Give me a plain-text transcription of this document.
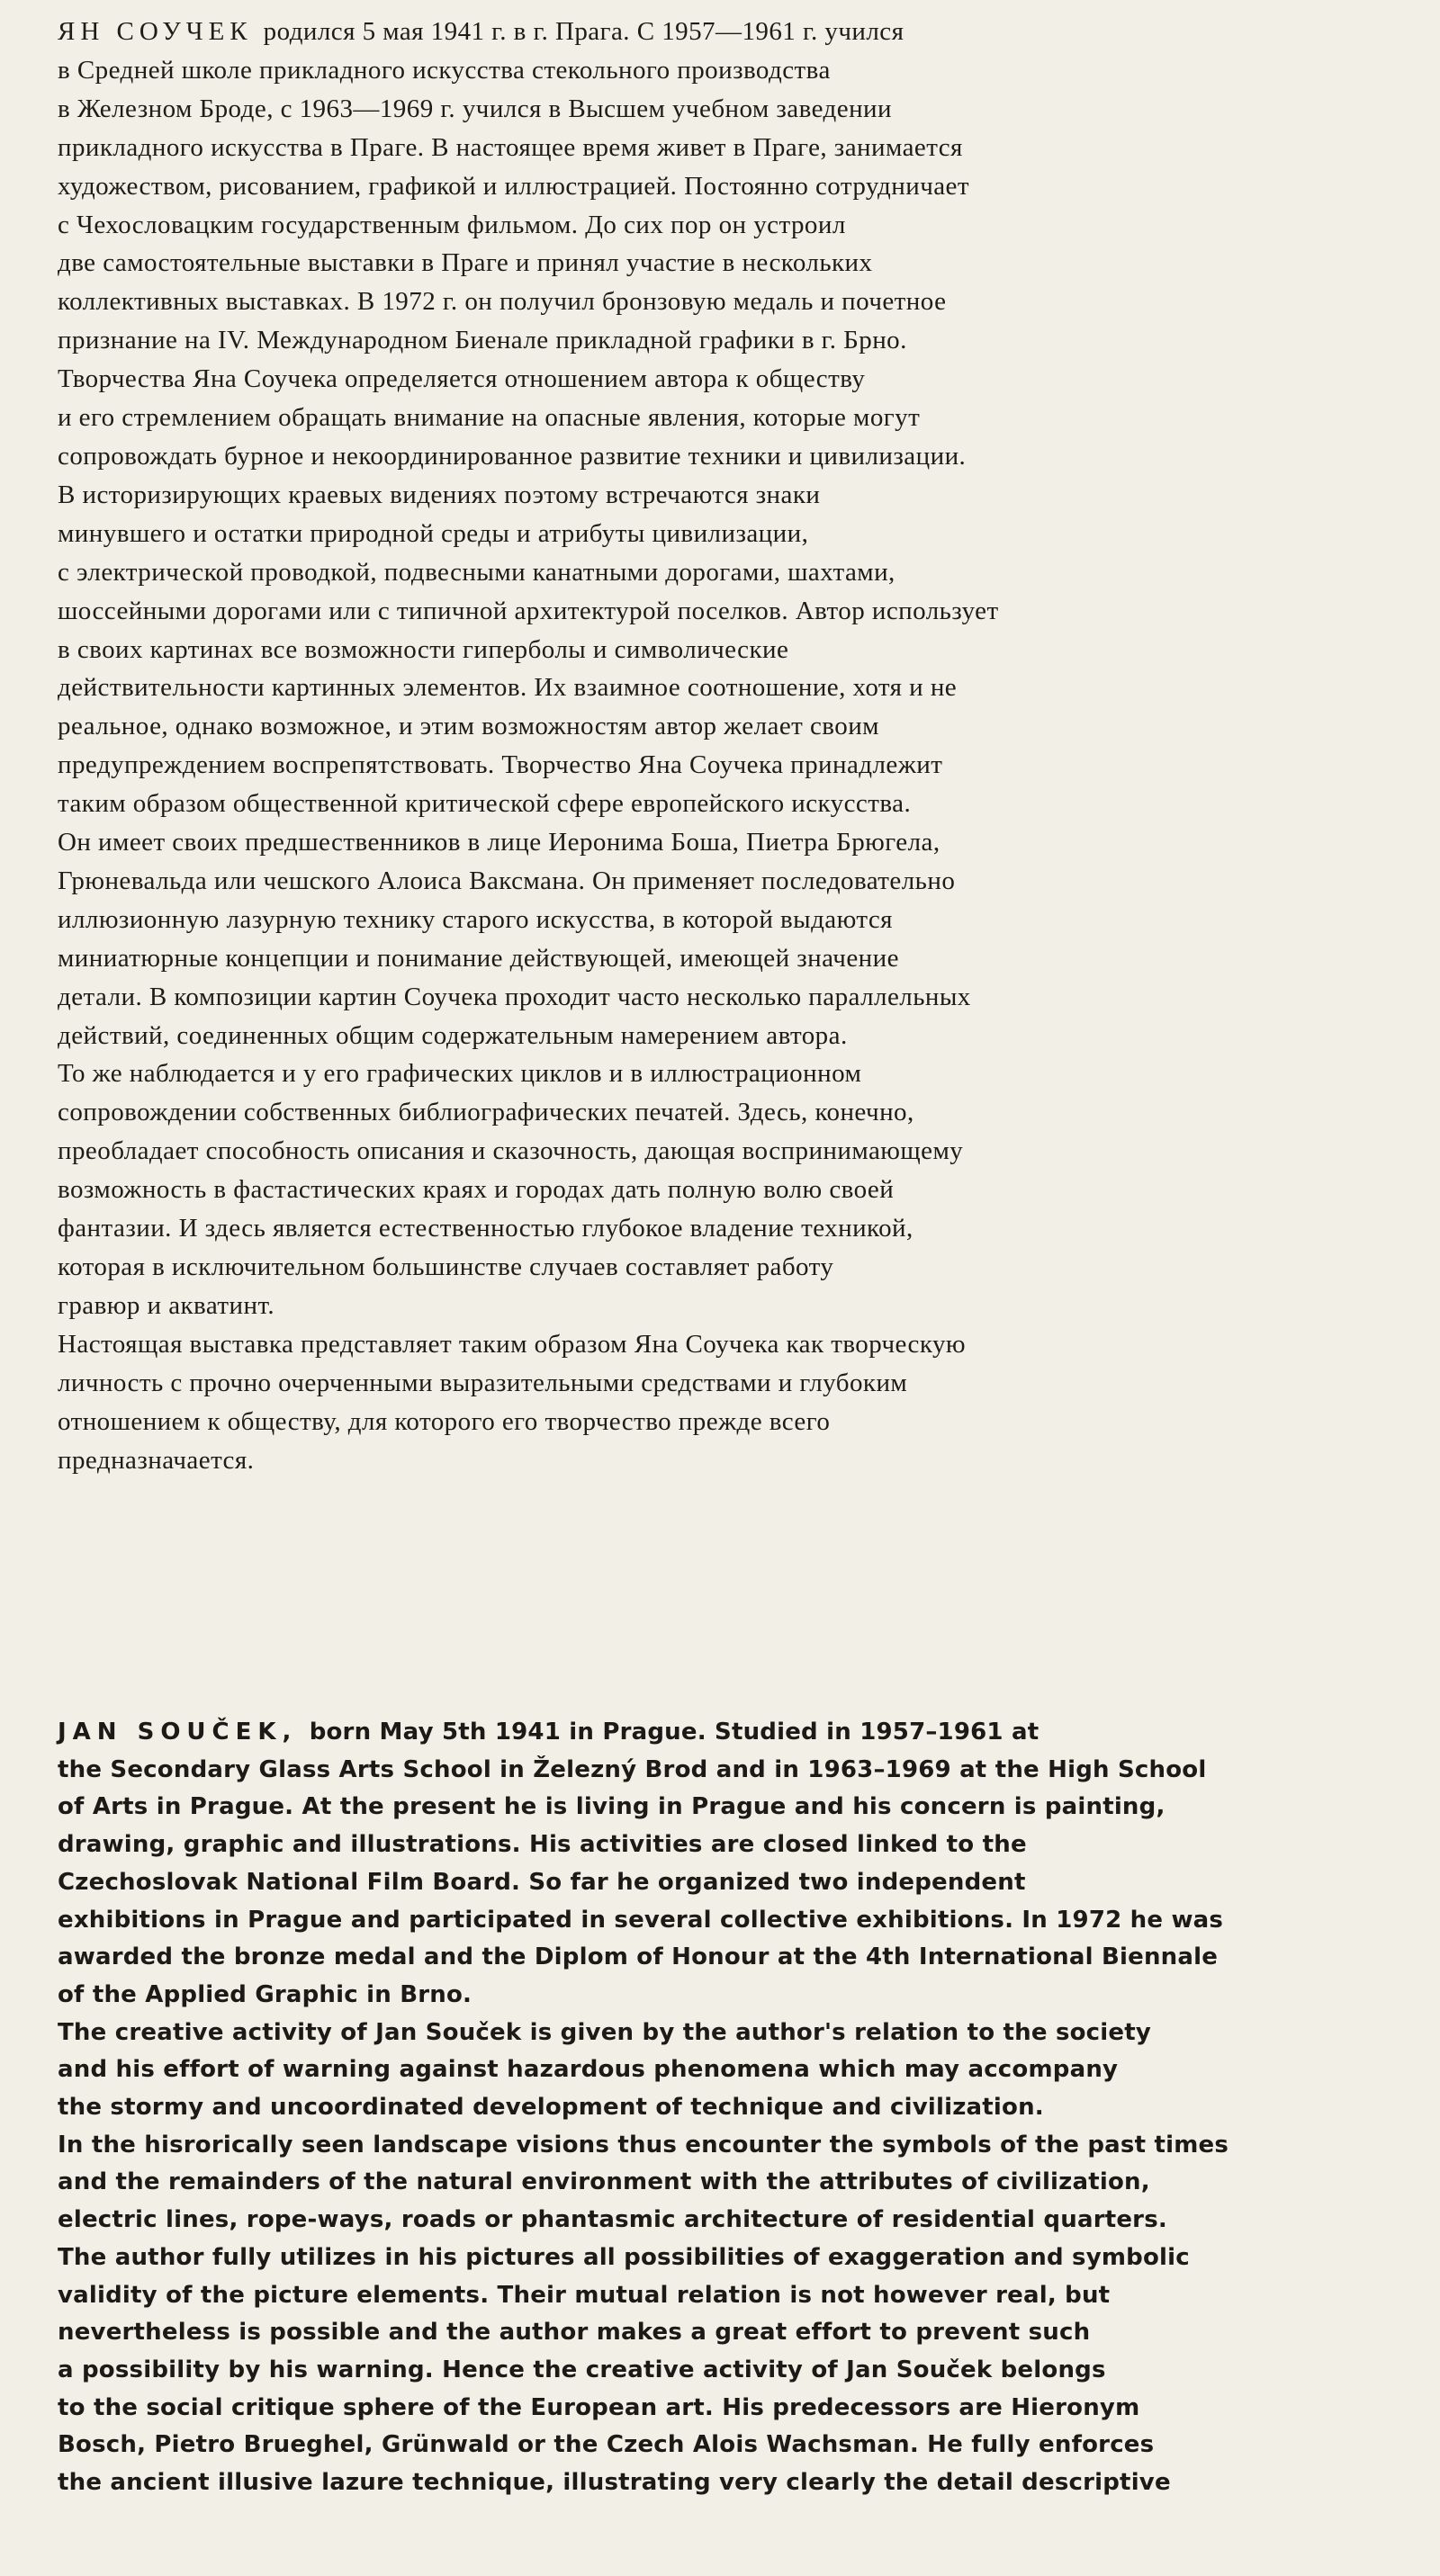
ЯН СОУЧЕК родился 5 мая 1941 г. в г. Прага. С 1957—1961 г. учился
в Средней школе прикладного искусства стекольного производства
в Железном Броде, с 1963—1969 г. учился в Высшем учебном заведении
прикладного искусства в Праге. В настоящее время живет в Праге, занимается
художеством, рисованием, графикой и иллюстрацией. Постоянно сотрудничает
с Чехословацким государственным фильмом. До сих пор он устроил
две самостоятельные выставки в Праге и принял участие в нескольких
коллективных выставках. В 1972 г. он получил бронзовую медаль и почетное
признание на IV. Международном Биенале прикладной графики в г. Брно.
Творчества Яна Соучека определяется отношением автора к обществу
и его стремлением обращать внимание на опасные явления, которые могут
сопровождать бурное и некоординированное развитие техники и цивилизации.
В историзирующих краевых видениях поэтому встречаются знаки
минувшего и остатки природной среды и атрибуты цивилизации,
с электрической проводкой, подвесными канатными дорогами, шахтами,
шоссейными дорогами или с типичной архитектурой поселков. Автор использует
в своих картинах все возможности гиперболы и символические
действительности картинных элементов. Их взаимное соотношение, хотя и не
реальное, однако возможное, и этим возможностям автор желает своим
предупреждением воспрепятствовать. Творчество Яна Соучека принадлежит
таким образом общественной критической сфере европейского искусства.
Он имеет своих предшественников в лице Иеронима Боша, Пиетра Брюгела,
Грюневальда или чешского Алоиса Ваксмана. Он применяет последовательно
иллюзионную лазурную технику старого искусства, в которой выдаются
миниатюрные концепции и понимание действующей, имеющей значение
детали. В композиции картин Соучека проходит часто несколько параллельных
действий, соединенных общим содержательным намерением автора.
То же наблюдается и у его графических циклов и в иллюстрационном
сопровождении собственных библиографических печатей. Здесь, конечно,
преобладает способность описания и сказочность, дающая воспринимающему
возможность в фастастических краях и городах дать полную волю своей
фантазии. И здесь является естественностью глубокое владение техникой,
которая в исключительном большинстве случаев составляет работу
гравюр и акватинт.
Настоящая выставка представляет таким образом Яна Соучека как творческую
личность с прочно очерченными выразительными средствами и глубоким
отношением к обществу, для которого его творчество прежде всего
предназначается.
JAN SOUČEK, born May 5th 1941 in Prague. Studied in 1957–1961 at
the Secondary Glass Arts School in Železný Brod and in 1963–1969 at the High School
of Arts in Prague. At the present he is living in Prague and his concern is painting,
drawing, graphic and illustrations. His activities are closed linked to the
Czechoslovak National Film Board. So far he organized two independent
exhibitions in Prague and participated in several collective exhibitions. In 1972 he was
awarded the bronze medal and the Diplom of Honour at the 4th International Biennale
of the Applied Graphic in Brno.
The creative activity of Jan Souček is given by the author's relation to the society
and his effort of warning against hazardous phenomena which may accompany
the stormy and uncoordinated development of technique and civilization.
In the hisrorically seen landscape visions thus encounter the symbols of the past times
and the remainders of the natural environment with the attributes of civilization,
electric lines, rope-ways, roads or phantasmic architecture of residential quarters.
The author fully utilizes in his pictures all possibilities of exaggeration and symbolic
validity of the picture elements. Their mutual relation is not however real, but
nevertheless is possible and the author makes a great effort to prevent such
a possibility by his warning. Hence the creative activity of Jan Souček belongs
to the social critique sphere of the European art. His predecessors are Hieronym
Bosch, Pietro Brueghel, Grünwald or the Czech Alois Wachsman. He fully enforces
the ancient illusive lazure technique, illustrating very clearly the detail descriptive
